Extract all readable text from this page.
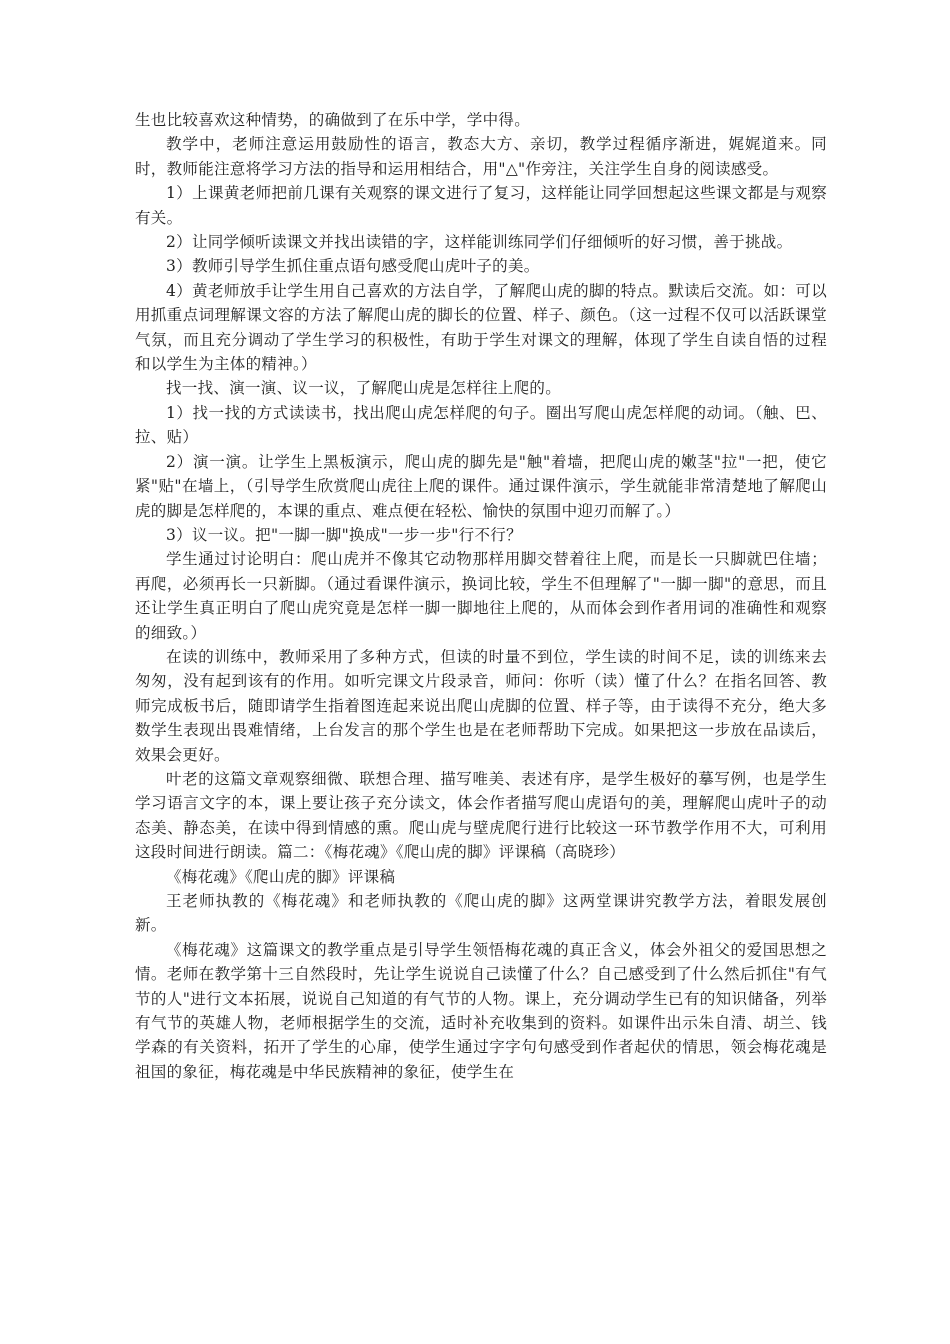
生也比较喜欢这种情势，的确做到了在乐中学，学中得。

教学中，老师注意运用鼓励性的语言，教态大方、亲切，教学过程循序渐进，娓娓道来。同时，教师能注意将学习方法的指导和运用相结合，用"△"作旁注，关注学生自身的阅读感受。

1）上课黄老师把前几课有关观察的课文进行了复习，这样能让同学回想起这些课文都是与观察有关。

2）让同学倾听读课文并找出读错的字，这样能训练同学们仔细倾听的好习惯，善于挑战。

3）教师引导学生抓住重点语句感受爬山虎叶子的美。

4）黄老师放手让学生用自己喜欢的方法自学，了解爬山虎的脚的特点。默读后交流。如：可以用抓重点词理解课文容的方法了解爬山虎的脚长的位置、样子、颜色。（这一过程不仅可以活跃课堂气氛，而且充分调动了学生学习的积极性，有助于学生对课文的理解，体现了学生自读自悟的过程和以学生为主体的精神。）

找一找、演一演、议一议，了解爬山虎是怎样往上爬的。

1）找一找的方式读读书，找出爬山虎怎样爬的句子。圈出写爬山虎怎样爬的动词。（触、巴、拉、贴）

2）演一演。让学生上黑板演示，爬山虎的脚先是"触"着墙，把爬山虎的嫩茎"拉"一把，使它紧"贴"在墙上，（引导学生欣赏爬山虎往上爬的课件。通过课件演示，学生就能非常清楚地了解爬山虎的脚是怎样爬的，本课的重点、难点便在轻松、愉快的氛围中迎刃而解了。）

3）议一议。把"一脚一脚"换成"一步一步"行不行？

学生通过讨论明白：爬山虎并不像其它动物那样用脚交替着往上爬，而是长一只脚就巴住墙；再爬，必须再长一只新脚。（通过看课件演示，换词比较，学生不但理解了"一脚一脚"的意思，而且还让学生真正明白了爬山虎究竟是怎样一脚一脚地往上爬的，从而体会到作者用词的准确性和观察的细致。）

在读的训练中，教师采用了多种方式，但读的时量不到位，学生读的时间不足，读的训练来去匆匆，没有起到该有的作用。如听完课文片段录音，师问：你听（读）懂了什么？在指名回答、教师完成板书后，随即请学生指着图连起来说出爬山虎脚的位置、样子等，由于读得不充分，绝大多数学生表现出畏难情绪，上台发言的那个学生也是在老师帮助下完成。如果把这一步放在品读后，效果会更好。

叶老的这篇文章观察细微、联想合理、描写唯美、表述有序，是学生极好的摹写例，也是学生学习语言文字的本，课上要让孩子充分读文，体会作者描写爬山虎语句的美，理解爬山虎叶子的动态美、静态美，在读中得到情感的熏。爬山虎与壁虎爬行进行比较这一环节教学作用不大，可利用这段时间进行朗读。篇二：《梅花魂》《爬山虎的脚》评课稿（高晓珍）

《梅花魂》《爬山虎的脚》评课稿

王老师执教的《梅花魂》和老师执教的《爬山虎的脚》这两堂课讲究教学方法，着眼发展创新。

《梅花魂》这篇课文的教学重点是引导学生领悟梅花魂的真正含义，体会外祖父的爱国思想之情。老师在教学第十三自然段时，先让学生说说自己读懂了什么？自己感受到了什么然后抓住"有气节的人"进行文本拓展，说说自己知道的有气节的人物。课上，充分调动学生已有的知识储备，列举有气节的英雄人物，老师根据学生的交流，适时补充收集到的资料。如课件出示朱自清、胡兰、钱学森的有关资料，拓开了学生的心扉，使学生通过字字句句感受到作者起伏的情思，领会梅花魂是祖国的象征，梅花魂是中华民族精神的象征，使学生在
